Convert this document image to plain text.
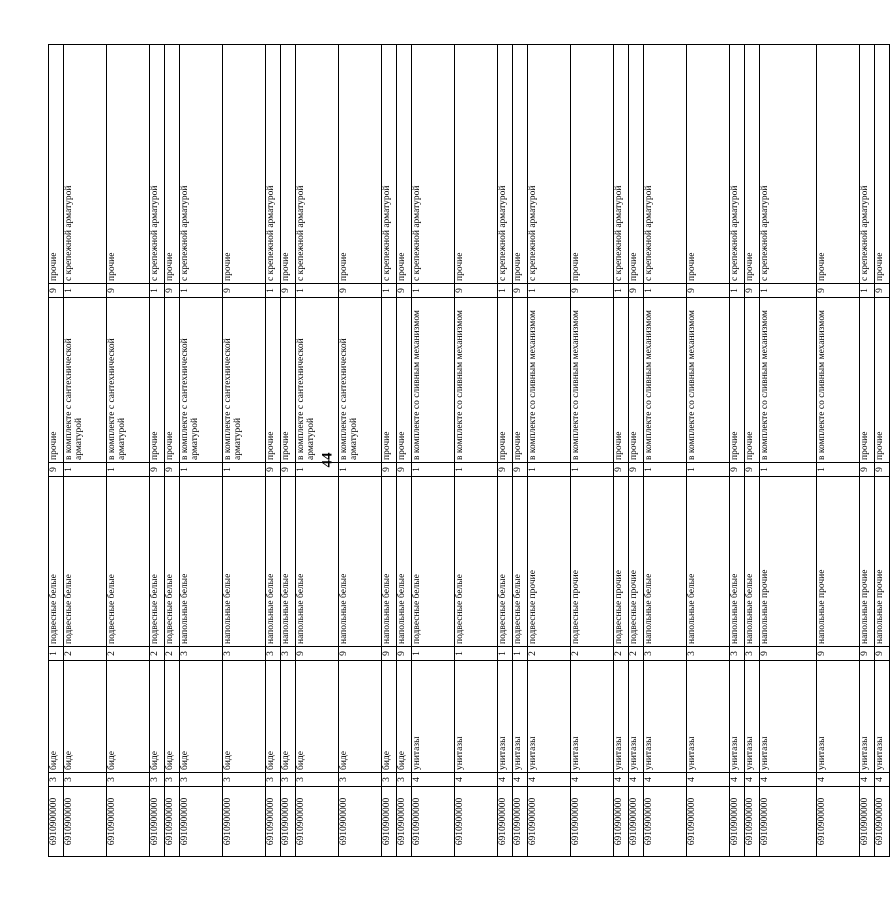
44
6910900000	3	биде	1	подвесные белые	9	прочие	9	прочие
6910900000	3	биде	2	подвесные белые	1	в комплекте с сантехнической арматурой	1	с крепежной арматурой
6910900000	3	биде	2	подвесные белые	1	в комплекте с сантехнической арматурой	9	прочие
6910900000	3	биде	2	подвесные белые	9	прочие	1	с крепежной арматурой
6910900000	3	биде	2	подвесные белые	9	прочие	9	прочие
6910900000	3	биде	3	напольные белые	1	в комплекте с сантехнической арматурой	1	с крепежной арматурой
6910900000	3	биде	3	напольные белые	1	в комплекте с сантехнической арматурой	9	прочие
6910900000	3	биде	3	напольные белые	9	прочие	1	с крепежной арматурой
6910900000	3	биде	3	напольные белые	9	прочие	9	прочие
6910900000	3	биде	9	напольные белые	1	в комплекте с сантехнической арматурой	1	с крепежной арматурой
6910900000	3	биде	9	напольные белые	1	в комплекте с сантехнической арматурой	9	прочие
6910900000	3	биде	9	напольные белые	9	прочие	1	с крепежной арматурой
6910900000	3	биде	9	напольные белые	9	прочие	9	прочие
6910900000	4	унитазы	1	подвесные белые	1	в комплекте со сливным механизмом	1	с крепежной арматурой
6910900000	4	унитазы	1	подвесные белые	1	в комплекте со сливным механизмом	9	прочие
6910900000	4	унитазы	1	подвесные белые	9	прочие	1	с крепежной арматурой
6910900000	4	унитазы	1	подвесные белые	9	прочие	9	прочие
6910900000	4	унитазы	2	подвесные прочие	1	в комплекте со сливным механизмом	1	с крепежной арматурой
6910900000	4	унитазы	2	подвесные прочие	1	в комплекте со сливным механизмом	9	прочие
6910900000	4	унитазы	2	подвесные прочие	9	прочие	1	с крепежной арматурой
6910900000	4	унитазы	2	подвесные прочие	9	прочие	9	прочие
6910900000	4	унитазы	3	напольные белые	1	в комплекте со сливным механизмом	1	с крепежной арматурой
6910900000	4	унитазы	3	напольные белые	1	в комплекте со сливным механизмом	9	прочие
6910900000	4	унитазы	3	напольные белые	9	прочие	1	с крепежной арматурой
6910900000	4	унитазы	3	напольные белые	9	прочие	9	прочие
6910900000	4	унитазы	9	напольные прочие	1	в комплекте со сливным механизмом	1	с крепежной арматурой
6910900000	4	унитазы	9	напольные прочие	1	в комплекте со сливным механизмом	9	прочие
6910900000	4	унитазы	9	напольные прочие	9	прочие	1	с крепежной арматурой
6910900000	4	унитазы	9	напольные прочие	9	прочие	9	прочие
